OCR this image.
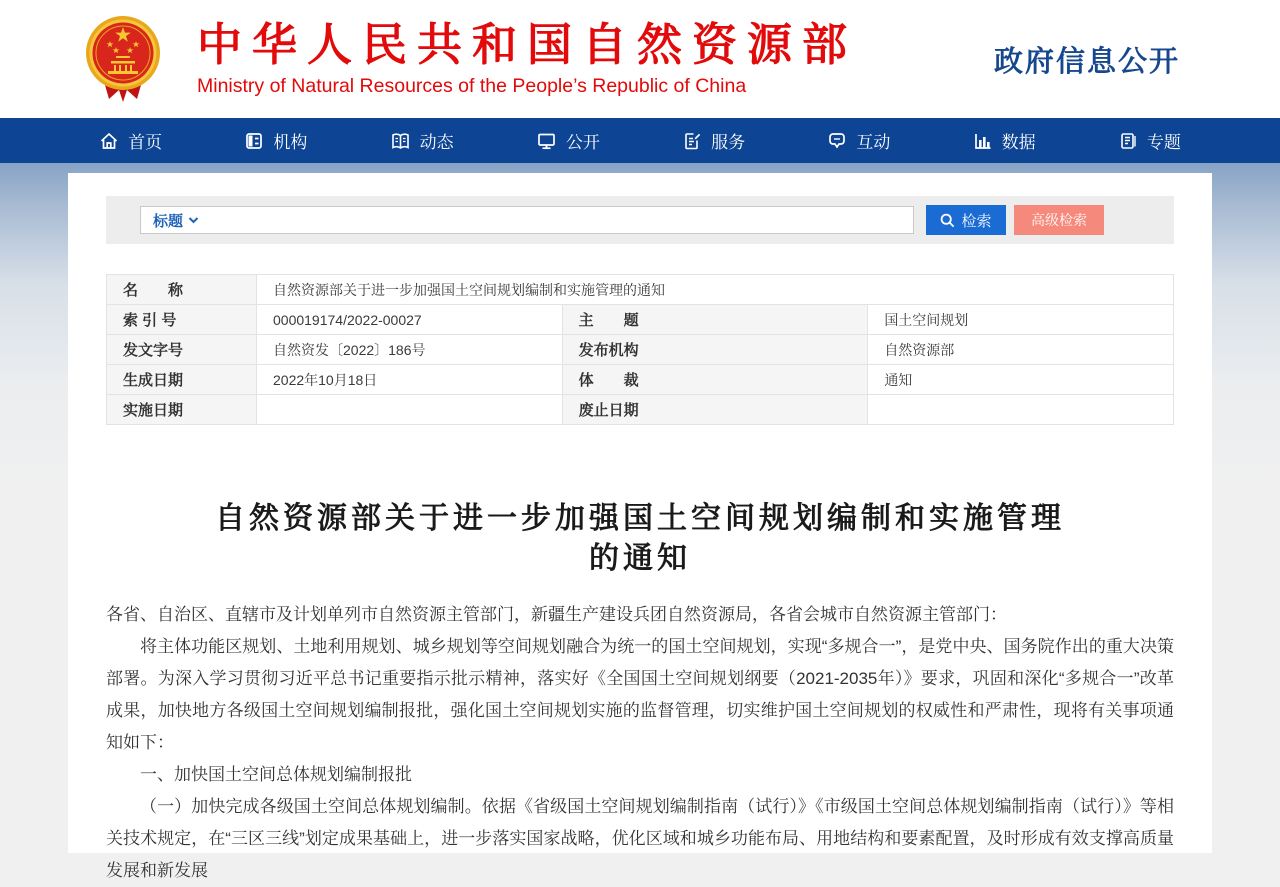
中华人民共和国自然资源部
Ministry of Natural Resources of the People’s Republic of China
政府信息公开
首页	机构	动态	公开	服务	互动	数据	专题
标题	检索	高级检索
名　　称	自然资源部关于进一步加强国土空间规划编制和实施管理的通知		
索 引 号	000019174/2022-00027	主　　题	国土空间规划
发文字号	自然资发〔2022〕186号	发布机构	自然资源部
生成日期	2022年10月18日	体　　裁	通知
实施日期		废止日期	
自然资源部关于进一步加强国土空间规划编制和实施管理
的通知

各省、自治区、直辖市及计划单列市自然资源主管部门，新疆生产建设兵团自然资源局，各省会城市自然资源主管部门：

将主体功能区规划、土地利用规划、城乡规划等空间规划融合为统一的国土空间规划，实现“多规合一”，是党中央、国务院作出的重大决策部署。为深入学习贯彻习近平总书记重要指示批示精神，落实好《全国国土空间规划纲要（2021-2035年）》要求，巩固和深化“多规合一”改革成果，加快地方各级国土空间规划编制报批，强化国土空间规划实施的监督管理，切实维护国土空间规划的权威性和严肃性，现将有关事项通知如下：

一、加快国土空间总体规划编制报批

（一）加快完成各级国土空间总体规划编制。依据《省级国土空间规划编制指南（试行）》《市级国土空间总体规划编制指南（试行）》等相关技术规定，在“三区三线”划定成果基础上，进一步落实国家战略，优化区域和城乡功能布局、用地结构和要素配置，及时形成有效支撑高质量发展和新发展
